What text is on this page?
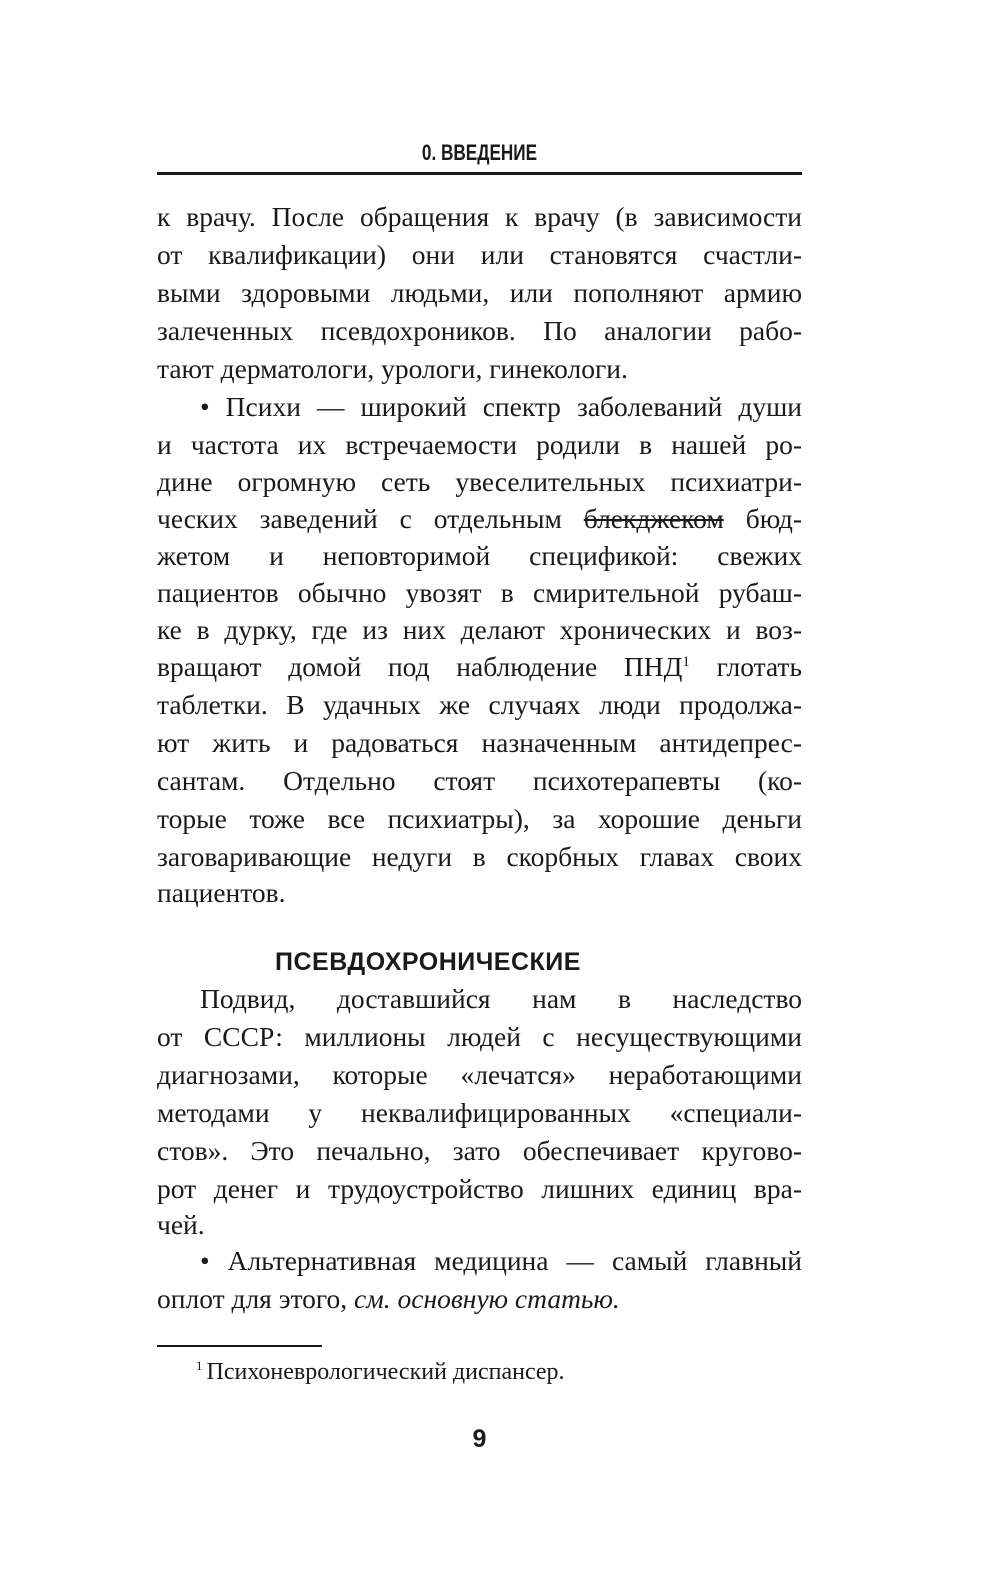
0. ВВЕДЕНИЕ
к врачу. После обращения к врачу (в зависимости
от квалификации) они или становятся счастли-
выми здоровыми людьми, или пополняют армию
залеченных псевдохроников. По аналогии рабо-
тают дерматологи, урологи, гинекологи.
• Психи — широкий спектр заболеваний души
и частота их встречаемости родили в нашей ро-
дине огромную сеть увеселительных психиатри-
ческих заведений с отдельным блекджеком бюд-
жетом и неповторимой спецификой: свежих
пациентов обычно увозят в смирительной рубаш-
ке в дурку, где из них делают хронических и воз-
вращают домой под наблюдение ПНД$^1$ глотать
таблетки. В удачных же случаях люди продолжа-
ют жить и радоваться назначенным антидепрес-
сантам. Отдельно стоят психотерапевты (ко-
торые тоже все психиатры), за хорошие деньги
заговаривающие недуги в скорбных главах своих
пациентов.
ПСЕВДОХРОНИЧЕСКИЕ
Подвид, доставшийся нам в наследство
от СССР: миллионы людей с несуществующими
диагнозами, которые «лечатся» неработающими
методами у неквалифицированных «специали-
стов». Это печально, зато обеспечивает кругово-
рот денег и трудоустройство лишних единиц вра-
чей.
• Альтернативная медицина — самый главный
оплот для этого, см. основную статью.
$^1$ Психоневрологический диспансер.
9
